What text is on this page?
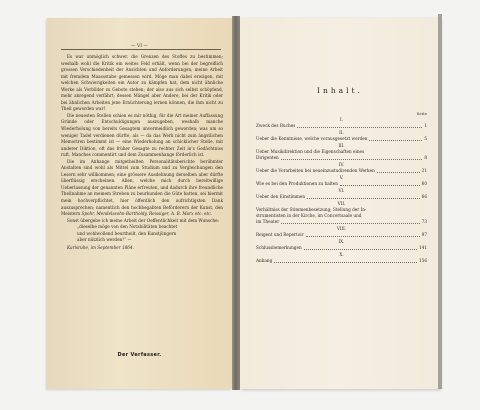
— VI —

Es war unmöglich schwer, die Grenzen des Stoffes zu bestimmen; weshalb wohl die Kritik ein weites Feld erhält, wenn bei der begreiflich grossen Verschiedenheit der Ansichten und Anforderungen, meine Arbeit mit fremdem Maassstabe gemessen wird. Möge man dabei erwägen, mit welchen Schwierigkeiten ein Autor zu kämpfen hat, dem nicht ähnliche Werke als Vorbilder zu Gebote stehen; der also aus sich selbst schöpfend, mehr anregend verfährt; dessen Mängel aber Andere, bei der Kritik oder bei ähnlichen Arbeiten jene Ernüchterung lernen können, die ihm nicht zu Theil geworden war!

Die neuesten Stellen schien es mir nöthig, für die Art meiner Auffassung Gründe oder Entschuldigungen auszugeben, weshalb manche Wiederholung von bereits Gesagtem unvermeidlich geworden; was um so weniger Tadel verdienen dürfte, als — da das Werk nicht zum ängstlichen Memoriren bestimmt ist — eine Wiederholung an schicklicher Stelle, mit anderer Diktion, oft das früher Gesagte zu rechter Zeit in's Gedächtniss ruft. Manches commentirt und dem Zusammenhange förderlich ist.

Die im Anhange mitgetheilten Personalitätsberichte berühmter Anstalten sind wohl als Mittel zum Studium und zu Vergleichungen den Lesern sehr willkommen; eine grössere Ausdehnung derselben aber dürfte überflüssig erscheinen. Allen, welche mich durch bereitwillige Ueberlassung der genannten Pläne erfreuten, und dadurch ihre freundliche Theilnahme an meinem Streben zu beurkunden die Güte hatten, sei hiermit mein hochverpflichtet, hier öffentlich den aufrichtigsten Dank auszusprechen; namentlich den hochbegabten Beförderern der Kunst, den Meistern Spohr, Mendelssohn-Bartholdy, Reissiger, A. B. Marx etc. etc.

Sonst übergebe ich meine Arbeit der Oeffentlichkeit mit dem Wunsche:

„dieselbe möge von den Notabilitäten beachtet

und wohlwollend beurtheilt, den Kunstjüngern

aber nützlich werden!“ —

Karlsruhe, im September 1864.

Der Verfasser.
Inhalt.
Seite
I.
Zweck des Buches	1
II.
Ueber die Kenntnisse, welche vorausgesetzt werden	5
III.
Ueber Musikdirektion und die Eigenschaften eines
Dirigenten	8
IV.
Ueber die Vorarbeiten bei neueinzustudirenden Werken	21
V.
Wie es bei den Produktionen zu halten	60
VI.
Ueber den Einstimmen	66
VII.
Verhältniss der Stimmenbesetzung; Stellung der In-
strumentisten in der Kirche, im Concertsaale und
im Theater	73
VIII.
Reigent und Repertoir	97
IX.
Schlussbemerkungen	141
X.
Anhang	156
